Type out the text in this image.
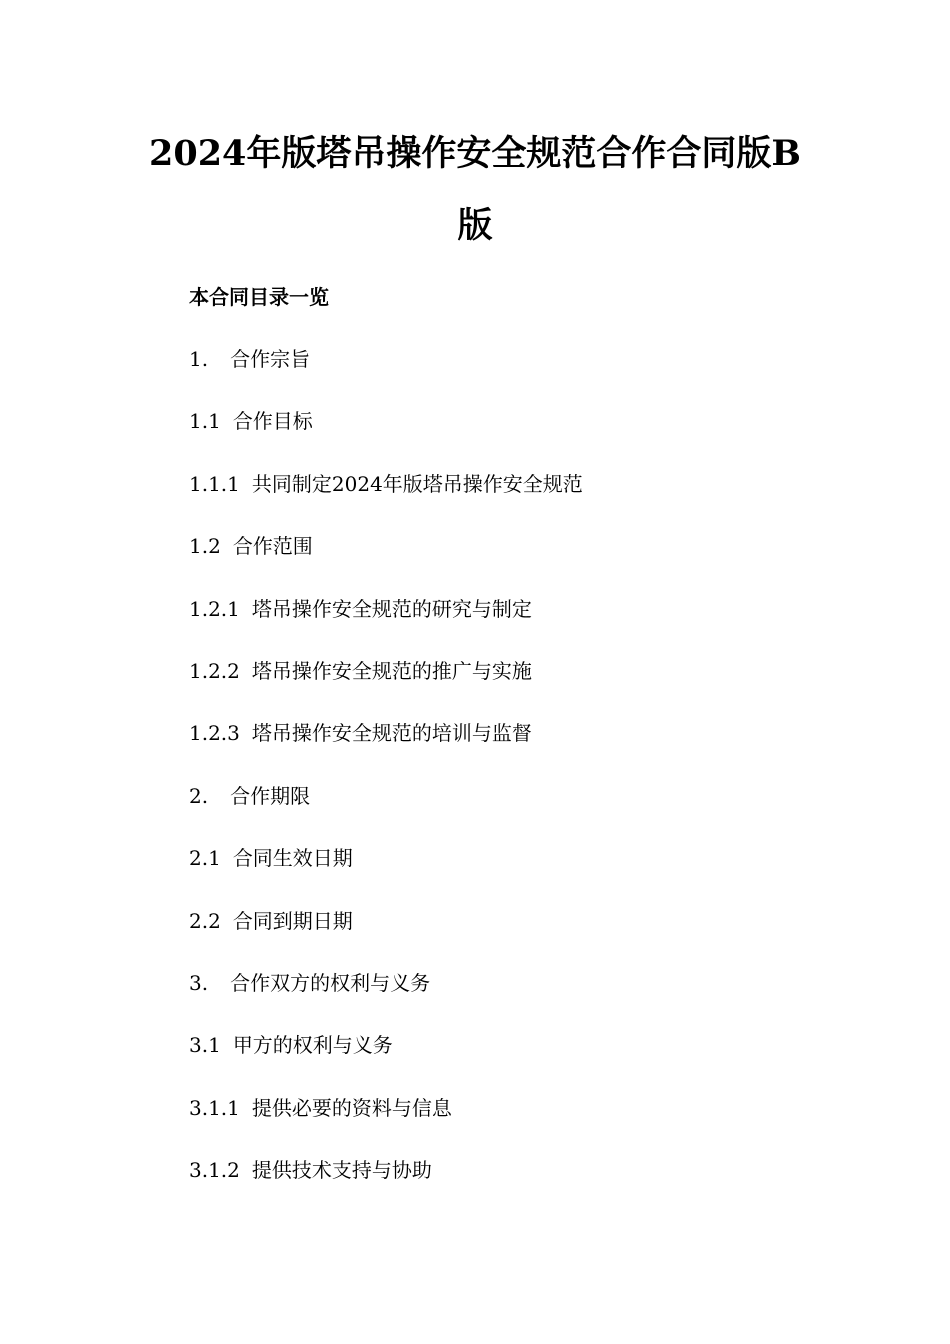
2024年版塔吊操作安全规范合作合同版B
版
本合同目录一览
1. 合作宗旨
1.1 合作目标
1.1.1 共同制定2024年版塔吊操作安全规范
1.2 合作范围
1.2.1 塔吊操作安全规范的研究与制定
1.2.2 塔吊操作安全规范的推广与实施
1.2.3 塔吊操作安全规范的培训与监督
2. 合作期限
2.1 合同生效日期
2.2 合同到期日期
3. 合作双方的权利与义务
3.1 甲方的权利与义务
3.1.1 提供必要的资料与信息
3.1.2 提供技术支持与协助
